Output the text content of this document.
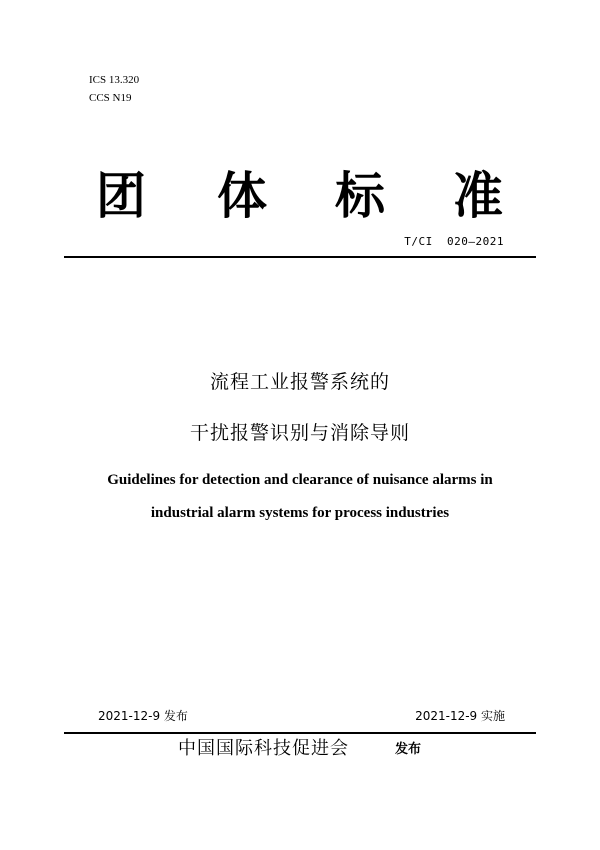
ICS 13.320
CCS N19
团 体 标 准
T/CI  020—2021
流程工业报警系统的
干扰报警识别与消除导则
Guidelines for detection and clearance of nuisance alarms in
industrial alarm systems for process industries
2021-12-9 发布	2021-12-9 实施
中国国际科技促进会	发布
